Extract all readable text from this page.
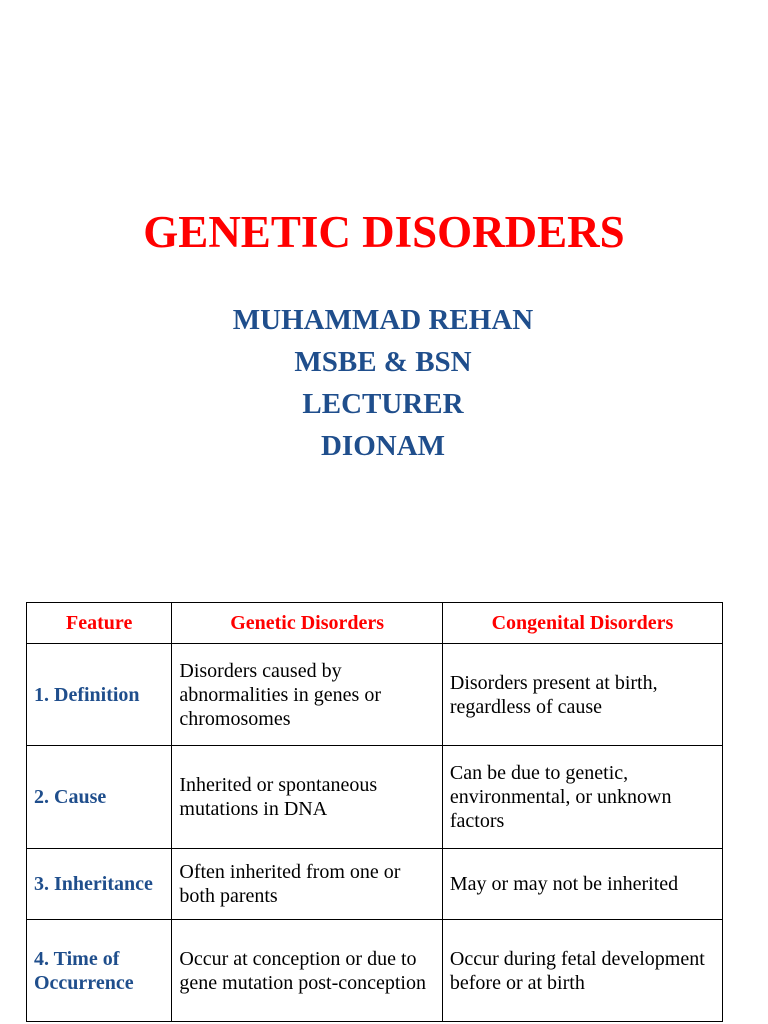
GENETIC DISORDERS
MUHAMMAD REHAN
MSBE & BSN
LECTURER
DIONAM
Feature	Genetic Disorders	Congenital Disorders
1. Definition	Disorders caused by abnormalities in genes or chromosomes	Disorders present at birth, regardless of cause
2. Cause	Inherited or spontaneous mutations in DNA	Can be due to genetic, environmental, or unknown factors
3. Inheritance	Often inherited from one or both parents	May or may not be inherited
4. Time of Occurrence	Occur at conception or due to gene mutation post-conception	Occur during fetal development before or at birth
